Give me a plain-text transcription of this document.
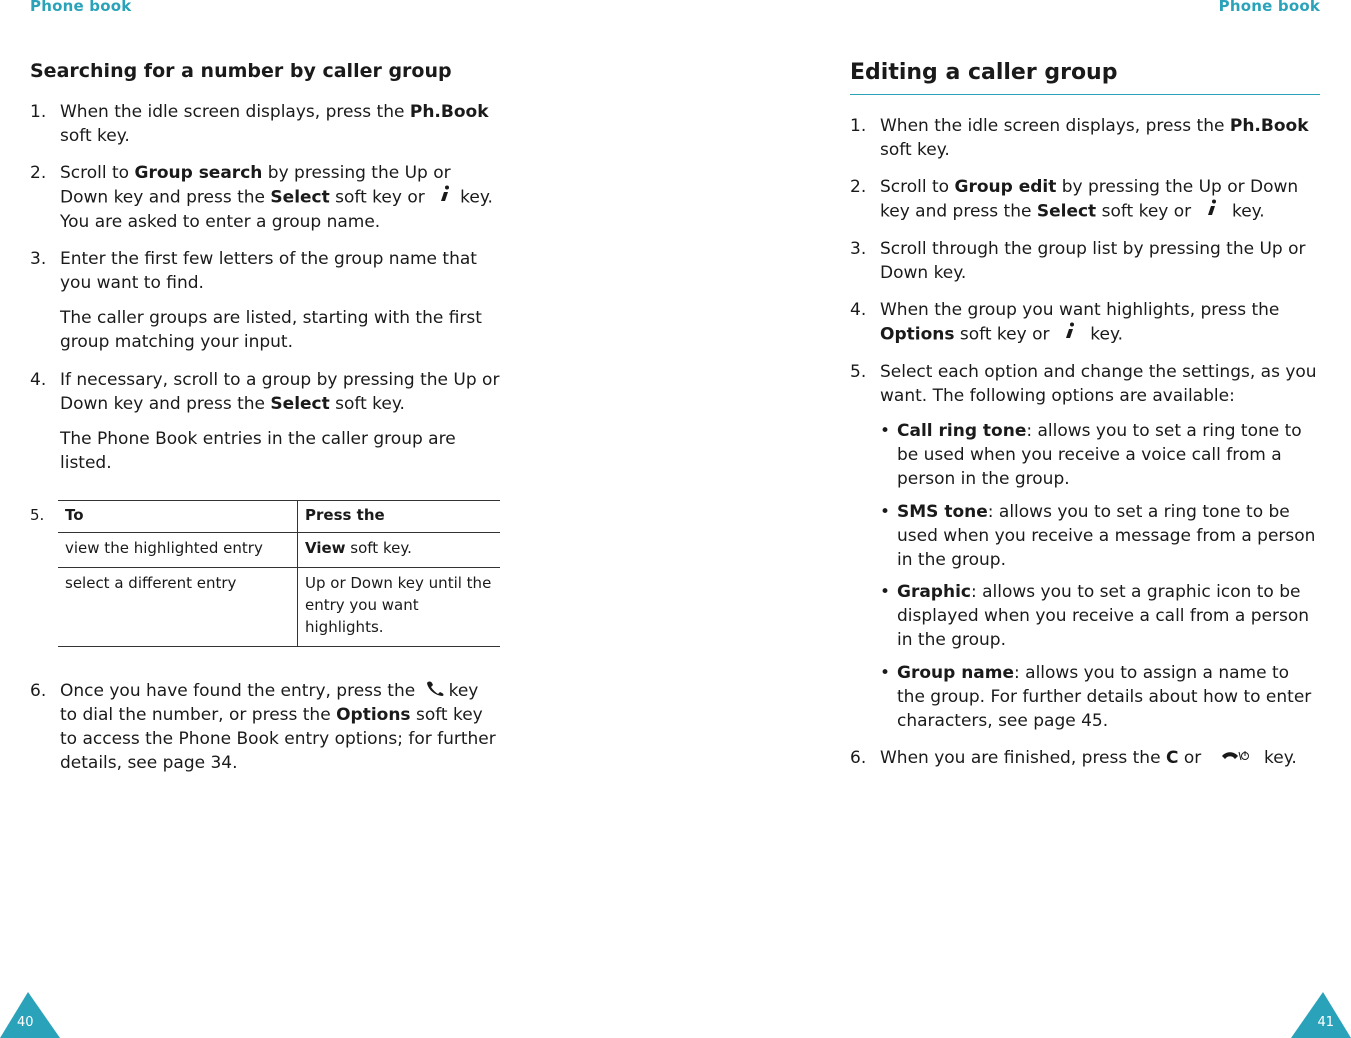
Phone book
Searching for a number by caller group
1. When the idle screen displays, press the Ph.Book soft key.
2. Scroll to Group search by pressing the Up or Down key and press the Select soft key or key. You are asked to enter a group name.
3. Enter the first few letters of the group name that you want to find.
The caller groups are listed, starting with the first group matching your input.
4. If necessary, scroll to a group by pressing the Up or Down key and press the Select soft key.
The Phone Book entries in the caller group are listed.
5. To	Press the
view the highlighted entry	View soft key.
select a different entry	Up or Down key until the entry you want highlights.
6. Once you have found the entry, press the key to dial the number, or press the Options soft key to access the Phone Book entry options; for further details, see page 34.
40
Phone book
Editing a caller group
1. When the idle screen displays, press the Ph.Book soft key.
2. Scroll to Group edit by pressing the Up or Down key and press the Select soft key or  key.
3. Scroll through the group list by pressing the Up or Down key.
4. When the group you want highlights, press the Options soft key or  key.
5. Select each option and change the settings, as you want. The following options are available:
• Call ring tone: allows you to set a ring tone to be used when you receive a voice call from a person in the group.
• SMS tone: allows you to set a ring tone to be used when you receive a message from a person in the group.
• Graphic: allows you to set a graphic icon to be displayed when you receive a call from a person in the group.
• Group name: allows you to assign a name to the group. For further details about how to enter characters, see page 45.
6. When you are finished, press the C or	key.
41
